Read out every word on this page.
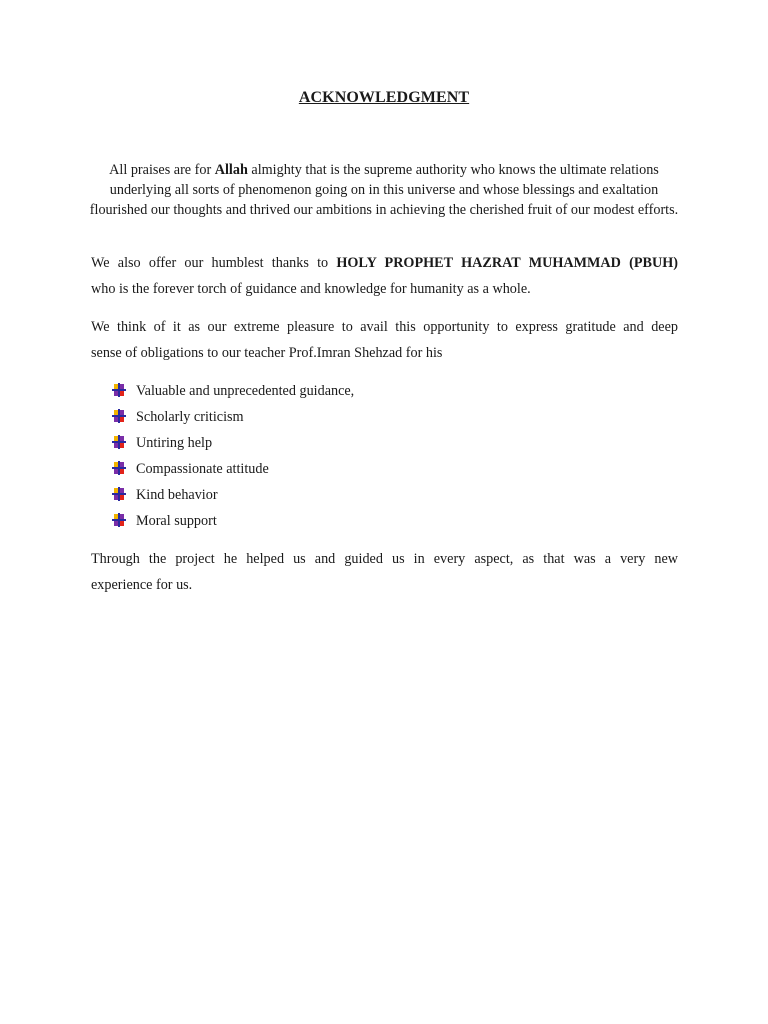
ACKNOWLEDGMENT
All praises are for Allah almighty that is the supreme authority who knows the ultimate relations underlying all sorts of phenomenon going on in this universe and whose blessings and exaltation flourished our thoughts and thrived our ambitions in achieving the cherished fruit of our modest efforts.
We also offer our humblest thanks to HOLY PROPHET HAZRAT MUHAMMAD (PBUH)
who is the forever torch of guidance and knowledge for humanity as a whole.
We think of it as our extreme pleasure to avail this opportunity to express gratitude and deep
sense of obligations to our teacher Prof.Imran Shehzad for his
Valuable and unprecedented guidance,
Scholarly criticism
Untiring help
Compassionate attitude
Kind behavior
Moral support
Through the project he helped us and guided us in every aspect, as that was a very new
experience for us.
